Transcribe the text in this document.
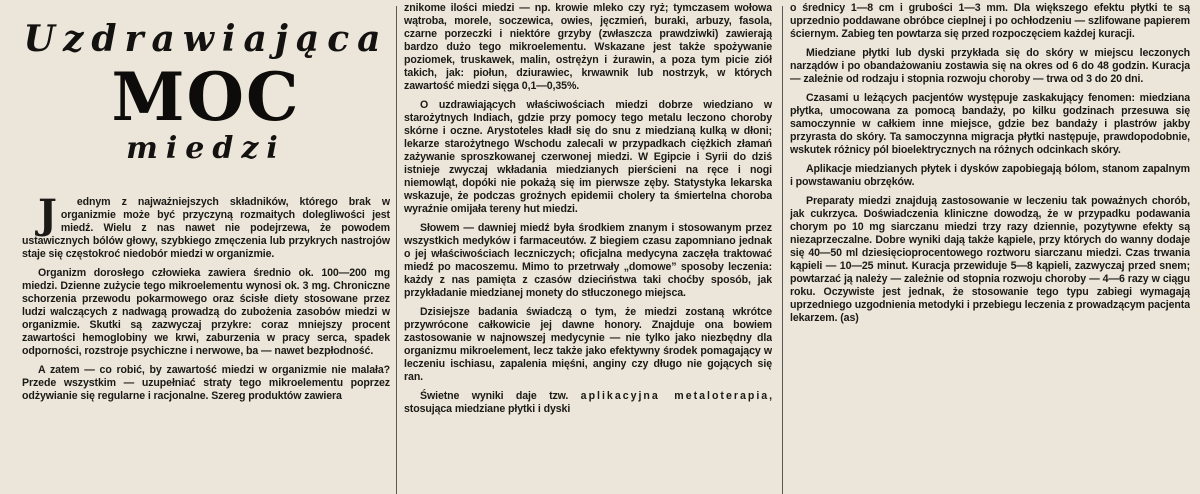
Uzdrawiająca
MOC
miedzi

J ednym z najważniejszych składników, którego brak w organizmie może być przyczyną rozmaitych dolegliwości jest miedź. Wielu z nas nawet nie podejrzewa, że powodem ustawicznych bólów głowy, szybkiego zmęczenia lub przykrych nastrojów staje się częstokroć niedobór miedzi w organizmie.

Organizm dorosłego człowieka zawiera średnio ok. 100—200 mg miedzi. Dzienne zużycie tego mikroelementu wynosi ok. 3 mg. Chroniczne schorzenia przewodu pokarmowego oraz ścisłe diety stosowane przez ludzi walczących z nadwagą prowadzą do zubożenia zasobów miedzi w organizmie. Skutki są zazwyczaj przykre: coraz mniejszy procent zawartości hemoglobiny we krwi, zaburzenia w pracy serca, spadek odporności, rozstroje psychiczne i nerwowe, ba — nawet bezpłodność.

A zatem — co robić, by zawartość miedzi w organizmie nie malała? Przede wszystkim — uzupełniać straty tego mikroelementu poprzez odżywianie się regularne i racjonalne. Szereg produktów zawiera

znikome ilości miedzi — np. krowie mleko czy ryż; tymczasem wołowa wątroba, morele, soczewica, owies, jęczmień, buraki, arbuzy, fasola, czarne porzeczki i niektóre grzyby (zwłaszcza prawdziwki) zawierają bardzo dużo tego mikroelementu. Wskazane jest także spożywanie poziomek, truskawek, malin, ostrężyn i żurawin, a poza tym picie ziół takich, jak: piołun, dziurawiec, krwawnik lub nostrzyk, w których zawartość miedzi sięga 0,1—0,35%.

O uzdrawiających właściwościach miedzi dobrze wiedziano w starożytnych Indiach, gdzie przy pomocy tego metalu leczono choroby skórne i oczne. Arystoteles kładł się do snu z miedzianą kulką w dłoni; lekarze starożytnego Wschodu zalecali w przypadkach ciężkich złamań zażywanie sproszkowanej czerwonej miedzi. W Egipcie i Syrii do dziś istnieje zwyczaj wkładania miedzianych pierścieni na ręce i nogi niemowląt, dopóki nie pokażą się im pierwsze zęby. Statystyka lekarska wskazuje, że podczas groźnych epidemii cholery ta śmiertelna choroba wyraźnie omijała tereny hut miedzi.

Słowem — dawniej miedź była środkiem znanym i stosowanym przez wszystkich medyków i farmaceutów. Z biegiem czasu zapomniano jednak o jej właściwościach leczniczych; oficjalna medycyna zaczęła traktować miedź po macoszemu. Mimo to przetrwały „domowe” sposoby leczenia: każdy z nas pamięta z czasów dzieciństwa taki choćby sposób, jak przykładanie miedzianej monety do stłuczonego miejsca.

Dzisiejsze badania świadczą o tym, że miedzi zostaną wkrótce przywrócone całkowicie jej dawne honory. Znajduje ona bowiem zastosowanie w najnowszej medycynie — nie tylko jako niezbędny dla organizmu mikroelement, lecz także jako efektywny środek pomagający w leczeniu ischiasu, zapalenia mięśni, anginy czy długo nie gojących się ran.

Świetne wyniki daje tzw. aplikacyjna metaloterapia, stosująca miedziane płytki i dyski

o średnicy 1—8 cm i grubości 1—3 mm. Dla większego efektu płytki te są uprzednio poddawane obróbce cieplnej i po ochłodzeniu — szlifowane papierem ściernym. Zabieg ten powtarza się przed rozpoczęciem każdej kuracji.

Miedziane płytki lub dyski przykłada się do skóry w miejscu leczonych narządów i po obandażowaniu zostawia się na okres od 6 do 48 godzin. Kuracja — zależnie od rodzaju i stopnia rozwoju choroby — trwa od 3 do 20 dni.

Czasami u leżących pacjentów występuje zaskakujący fenomen: miedziana płytka, umocowana za pomocą bandaży, po kilku godzinach przesuwa się samoczynnie w całkiem inne miejsce, gdzie bez bandaży i plastrów jakby przyrasta do skóry. Ta samoczynna migracja płytki następuje, prawdopodobnie, wskutek różnicy pól bioelektrycznych na różnych odcinkach skóry.

Aplikacje miedzianych płytek i dysków zapobiegają bólom, stanom zapalnym i powstawaniu obrzęków.

Preparaty miedzi znajdują zastosowanie w leczeniu tak poważnych chorób, jak cukrzyca. Doświadczenia kliniczne dowodzą, że w przypadku podawania chorym po 10 mg siarczanu miedzi trzy razy dziennie, pozytywne efekty są niezaprzeczalne. Dobre wyniki dają także kąpiele, przy których do wanny dodaje się 40—50 ml dziesięcioprocentowego roztworu siarczanu miedzi. Czas trwania kąpieli — 10—25 minut. Kuracja przewiduje 5—8 kąpieli, zazwyczaj przed snem; powtarzać ją należy — zależnie od stopnia rozwoju choroby — 4—6 razy w ciągu roku. Oczywiste jest jednak, że stosowanie tego typu zabiegi wymagają uprzedniego uzgodnienia metodyki i przebiegu leczenia z prowadzącym pacjenta lekarzem. (as)
